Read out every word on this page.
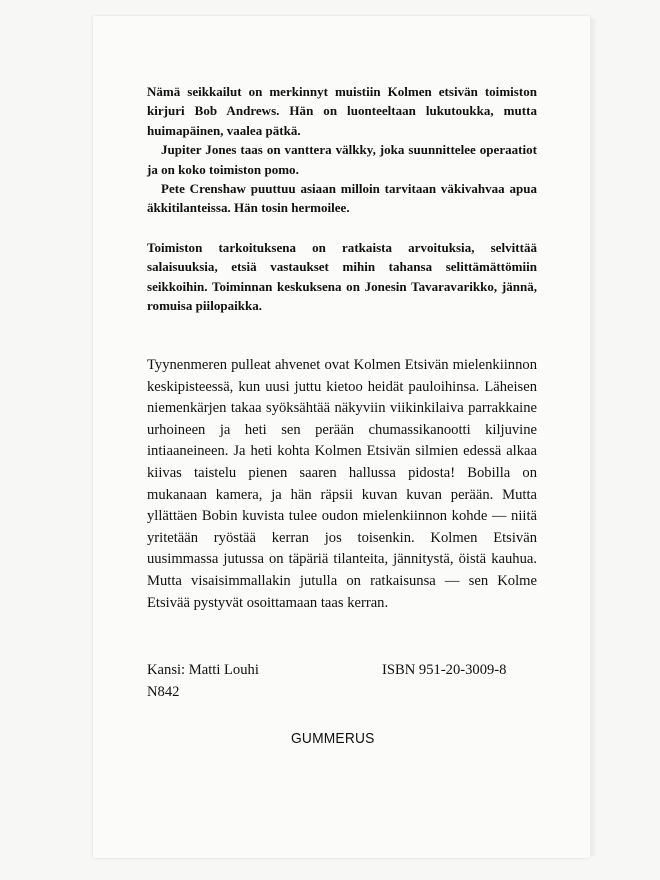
Nämä seikkailut on merkinnyt muistiin Kolmen etsivän toimiston kirjuri Bob Andrews. Hän on luonteeltaan lukutoukka, mutta huimapäinen, vaalea pätkä.

Jupiter Jones taas on vanttera välkky, joka suunnittelee operaatiot ja on koko toimiston pomo.

Pete Crenshaw puuttuu asiaan milloin tarvitaan väkivahvaa apua äkkitilanteissa. Hän tosin hermoilee.

Toimiston tarkoituksena on ratkaista arvoituksia, selvittää salaisuuksia, etsiä vastaukset mihin tahansa selittämättömiin seikkoihin. Toiminnan keskuksena on Jonesin Tavaravarikko, jännä, romuisa piilopaikka.

Tyynenmeren pulleat ahvenet ovat Kolmen Etsivän mielenkiinnon keskipisteessä, kun uusi juttu kietoo heidät pauloihinsa. Läheisen niemenkärjen takaa syöksähtää näkyviin viikinkilaiva parrakkaine urhoineen ja heti sen perään chumassikanootti kiljuvine intiaaneineen. Ja heti kohta Kolmen Etsivän silmien edessä alkaa kiivas taistelu pienen saaren hallussa pidosta! Bobilla on mukanaan kamera, ja hän räpsii kuvan kuvan perään. Mutta yllättäen Bobin kuvista tulee oudon mielenkiinnon kohde — niitä yritetään ryöstää kerran jos toisenkin. Kolmen Etsivän uusimmassa jutussa on täpäriä tilanteita, jännitystä, öistä kauhua. Mutta visaisimmallakin jutulla on ratkaisunsa — sen Kolme Etsivää pystyvät osoittamaan taas kerran.

Kansi: Matti Louhi
N842
ISBN 951-20-3009-8
GUMMERUS
